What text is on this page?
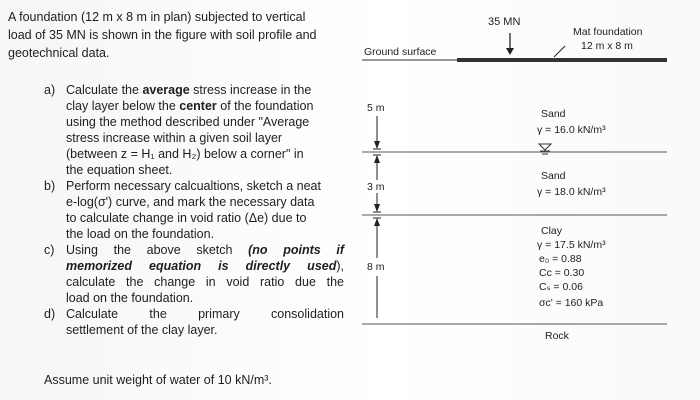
A foundation (12 m x 8 m in plan) subjected to vertical
load of 35 MN is shown in the figure with soil profile and
geotechnical data.
a) Calculate the average stress increase in the
clay layer below the center of the foundation
using the method described under "Average
stress increase within a given soil layer
(between z = H₁ and H₂) below a corner" in
the equation sheet.
b) Perform necessary calcualtions, sketch a neat
e-log(σ') curve, and mark the necessary data
to calculate change in void ratio (Δe) due to
the load on the foundation.
c) Using the above sketch (no points if
memorized equation is directly used),
calculate the change in void ratio due the
load on the foundation.
d) Calculate the primary consolidation
settlement of the clay layer.
Assume unit weight of water of 10 kN/m³.
35 MN
Mat foundation
12 m x 8 m
Ground surface
5 m
3 m
8 m
Sand
γ = 16.0 kN/m³
Sand
γ = 18.0 kN/m³
Clay
γ = 17.5 kN/m³
e₀ = 0.88
Cᴄ = 0.30
Cₛ = 0.06
σᴄ' = 160 kPa
Rock
